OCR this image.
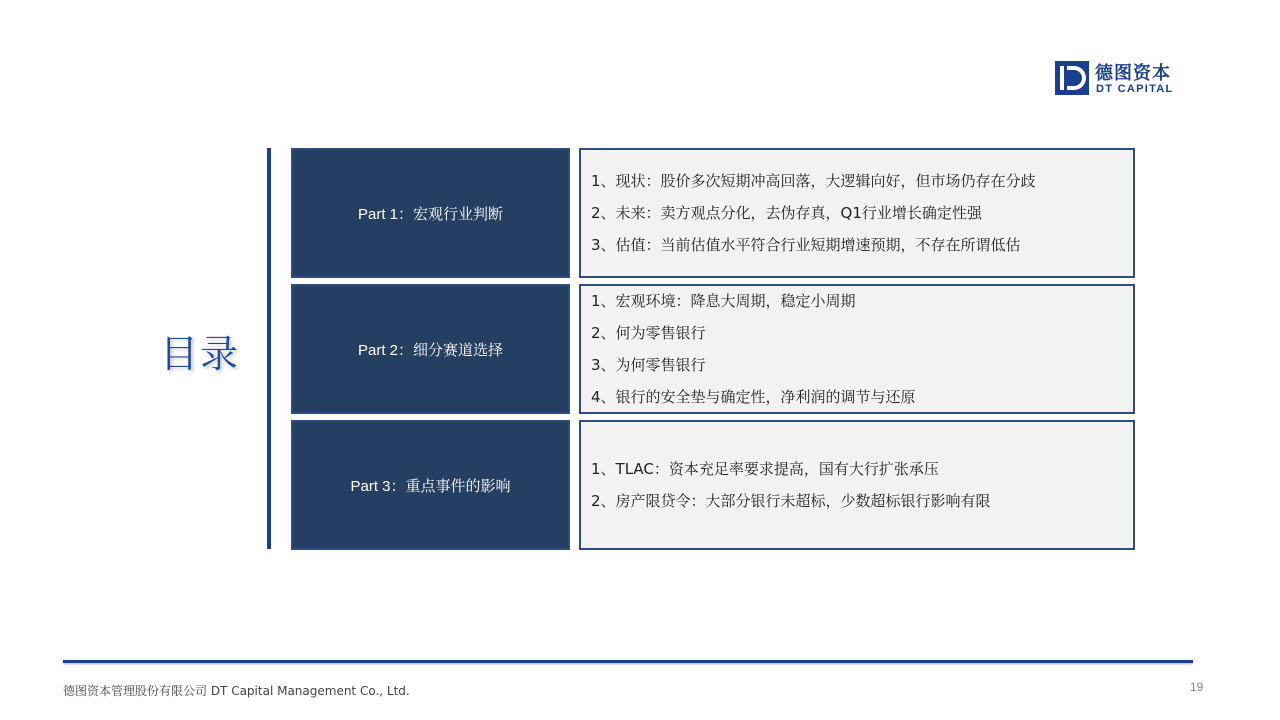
德图资本
DT CAPITAL
目录
Part 1：宏观行业判断
1、现状：股价多次短期冲高回落，大逻辑向好，但市场仍存在分歧
2、未来：卖方观点分化，去伪存真，Q1行业增长确定性强
3、估值：当前估值水平符合行业短期增速预期，不存在所谓低估
Part 2：细分赛道选择
1、宏观环境：降息大周期，稳定小周期
2、何为零售银行
3、为何零售银行
4、银行的安全垫与确定性，净利润的调节与还原
Part 3：重点事件的影响
1、TLAC：资本充足率要求提高，国有大行扩张承压
2、房产限贷令：大部分银行未超标，少数超标银行影响有限
德图资本管理股份有限公司 DT Capital Management Co., Ltd.	19
